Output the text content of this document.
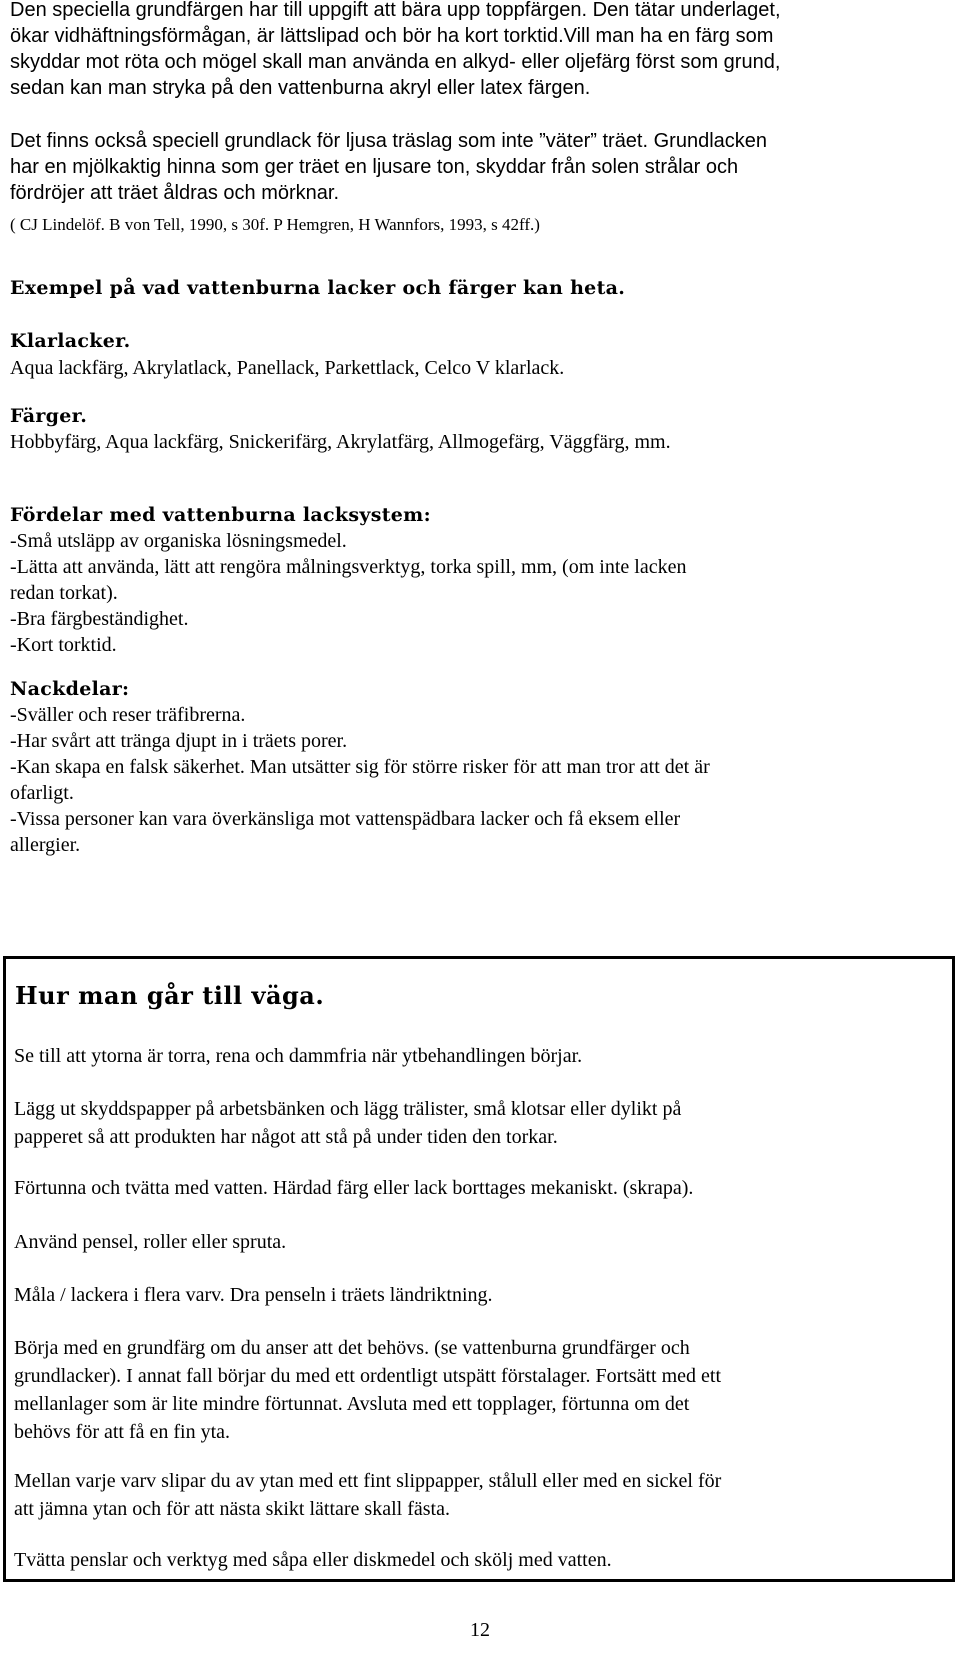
Den speciella grundfärgen har till uppgift att bära upp toppfärgen. Den tätar underlaget,
ökar vidhäftningsförmågan, är lättslipad och bör ha kort torktid.Vill man ha en färg som
skyddar mot röta och mögel skall man använda en alkyd- eller oljefärg först som grund,
sedan kan man stryka på den vattenburna akryl eller latex färgen.
Det finns också speciell grundlack för ljusa träslag som inte ”väter” träet. Grundlacken
har en mjölkaktig hinna som ger träet en ljusare ton, skyddar från solen strålar och
fördröjer att träet åldras och mörknar.
( CJ Lindelöf. B von Tell, 1990, s 30f. P Hemgren, H Wannfors, 1993, s 42ff.)
Exempel på vad vattenburna lacker och färger kan heta.
Klarlacker.
Aqua lackfärg, Akrylatlack, Panellack, Parkettlack, Celco V klarlack.
Färger.
Hobbyfärg, Aqua lackfärg, Snickerifärg, Akrylatfärg, Allmogefärg, Väggfärg, mm.
Fördelar med vattenburna lacksystem:
-Små utsläpp av organiska lösningsmedel.
-Lätta att använda, lätt att rengöra målningsverktyg, torka spill, mm, (om inte lacken
redan torkat).
-Bra färgbeständighet.
-Kort torktid.
Nackdelar:
-Sväller och reser träfibrerna.
-Har svårt att tränga djupt in i träets porer.
-Kan skapa en falsk säkerhet. Man utsätter sig för större risker för att man tror att det är
ofarligt.
-Vissa personer kan vara överkänsliga mot vattenspädbara lacker och få eksem eller
allergier.
Hur man går till väga.
Se till att ytorna är torra, rena och dammfria när ytbehandlingen börjar.
Lägg ut skyddspapper på arbetsbänken och lägg trälister, små klotsar eller dylikt på
papperet så att produkten har något att stå på under tiden den torkar.
Förtunna och tvätta med vatten. Härdad färg eller lack borttages mekaniskt. (skrapa).
Använd pensel, roller eller spruta.
Måla / lackera i flera varv. Dra penseln i träets ländriktning.
Börja med en grundfärg om du anser att det behövs. (se vattenburna grundfärger och
grundlacker). I annat fall börjar du med ett ordentligt utspätt förstalager. Fortsätt med ett
mellanlager som är lite mindre förtunnat. Avsluta med ett topplager, förtunna om det
behövs för att få en fin yta.
Mellan varje varv slipar du av ytan med ett fint slippapper, stålull eller med en sickel för
att jämna ytan och för att nästa skikt lättare skall fästa.
Tvätta penslar och verktyg med såpa eller diskmedel och skölj med vatten.
12
